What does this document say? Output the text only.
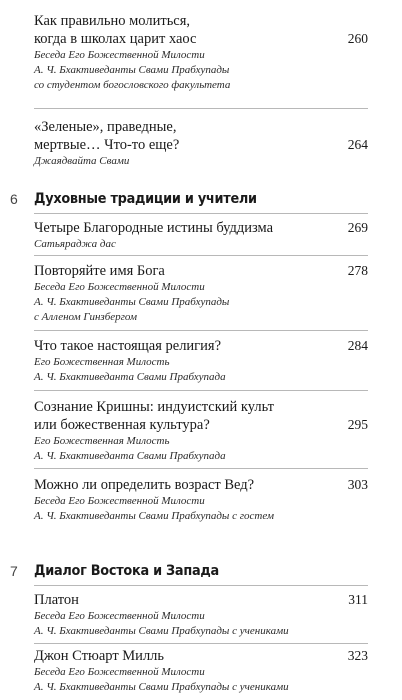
Как правильно молиться,
когда в школах царит хаос
Беседа Его Божественной Милости
А. Ч. Бхактиведанты Свами Прабхупады
со студентом богословского факультета
260
«Зеленые», праведные,
мертвые… Что-то еще?
Джаядвайта Свами
264
6 Духовные традиции и учители
Четыре Благородные истины буддизма
Сатьяраджа дас
269
Повторяйте имя Бога
Беседа Его Божественной Милости
А. Ч. Бхактиведанты Свами Прабхупады
с Алленом Гинзбергом
278
Что такое настоящая религия?
Его Божественная Милость
А. Ч. Бхактиведанта Свами Прабхупада
284
Сознание Кришны: индуистский культ
или божественная культура?
Его Божественная Милость
А. Ч. Бхактиведанта Свами Прабхупада
295
Можно ли определить возраст Вед?
Беседа Его Божественной Милости
А. Ч. Бхактиведанты Свами Прабхупады с гостем
303
7 Диалог Востока и Запада
Платон
Беседа Его Божественной Милости
А. Ч. Бхактиведанты Свами Прабхупады с учениками
311
Джон Стюарт Милль
Беседа Его Божественной Милости
А. Ч. Бхактиведанты Свами Прабхупады с учениками
323
